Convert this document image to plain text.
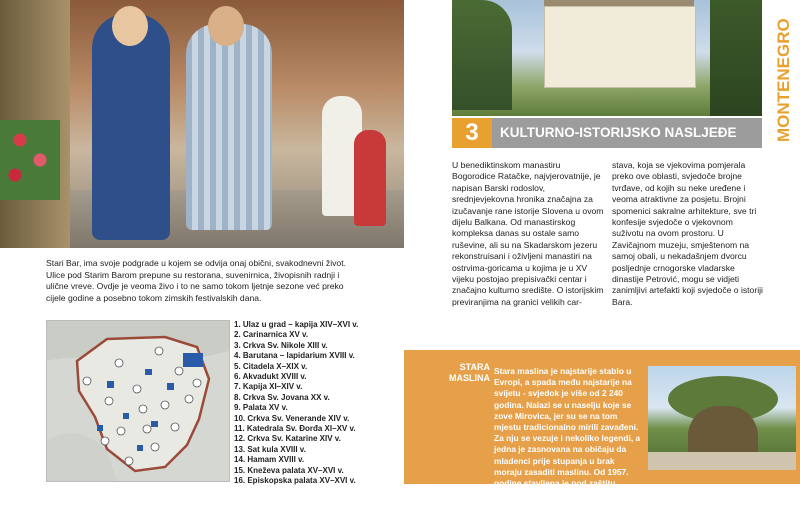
Stari Bar, ima svoje podgrade u kojem se odvija onaj obični, svakodnevni život. Ulice pod Starim Barom prepune su restorana, suvenirnica, živopisnih radnji i ulične vreve. Ovdje je veoma živo i to ne samo tokom ljetnje sezone već preko cijele godine a posebno tokom zimskih festivalskih dana.

1. Ulaz u grad – kapija XIV–XVI v.
2. Carinarnica XV v.
3. Crkva Sv. Nikole XIII v.
4. Barutana – lapidarium XVIII v.
5. Citadela X–XIX v.
6. Akvadukt XVIII v.
7. Kapija XI–XIV v.
8. Crkva Sv. Jovana XX v.
9. Palata XV v.
10. Crkva Sv. Venerande XIV v.
11. Katedrala Sv. Đorđa XI–XV v.
12. Crkva Sv. Katarine XIV v.
13. Sat kula XVIII v.
14. Hamam XVIII v.
15. Kneževa palata XV–XVI v.
16. Episkopska palata XV–XVI v.
MONTENEGRO
3	KULTURNO-ISTORIJSKO NASLJEĐE

U benediktinskom manastiru Bogorodice Ratačke, najvjerovatnije, je napisan Barski rodoslov, srednjevjekovna hronika značajna za izučavanje rane istorije Slovena u ovom dijelu Balkana. Od manastirskog kompleksa danas su ostale samo ruševine, ali su na Skadarskom jezeru rekonstruisani i oživljeni manastiri na ostrvima-goricama u kojima je u XV vijeku postojao prepisivački centar i značajno kulturno središte. O istorijskim previranjima na granici velikih car-

stava, koja se vjekovima pomjerala preko ove oblasti, svjedoče brojne tvrđave, od kojih su neke uređene i veoma atraktivne za posjetu. Brojni spomenici sakralne arhitekture, sve tri konfesije svjedoče o vjekovnom suživotu na ovom prostoru. U Zavičajnom muzeju, smještenom na samoj obali, u nekadašnjem dvorcu posljednje crnogorske vladarske dinastije Petrović, mogu se vidjeti zanimljivi artefakti koji svjedoče o istoriji Bara.

STARA
MASLINA

Stara maslina je najstarije stablo u Evropi, a spada među najstarije na svijetu - svjedok je više od 2 240 godina. Nalazi se u naselju koje se zove Mirovica, jer su se na tom mjestu tradicionalno mirili zavađeni. Za nju se vezuje i nekoliko legendi, a jedna je zasnovana na običaju da mladenci prije stupanja u brak moraju zasaditi maslinu. Od 1957. godine stavljena je pod zaštitu države kao spomenik prirode i jedna od prepoznatljivih tačaka
